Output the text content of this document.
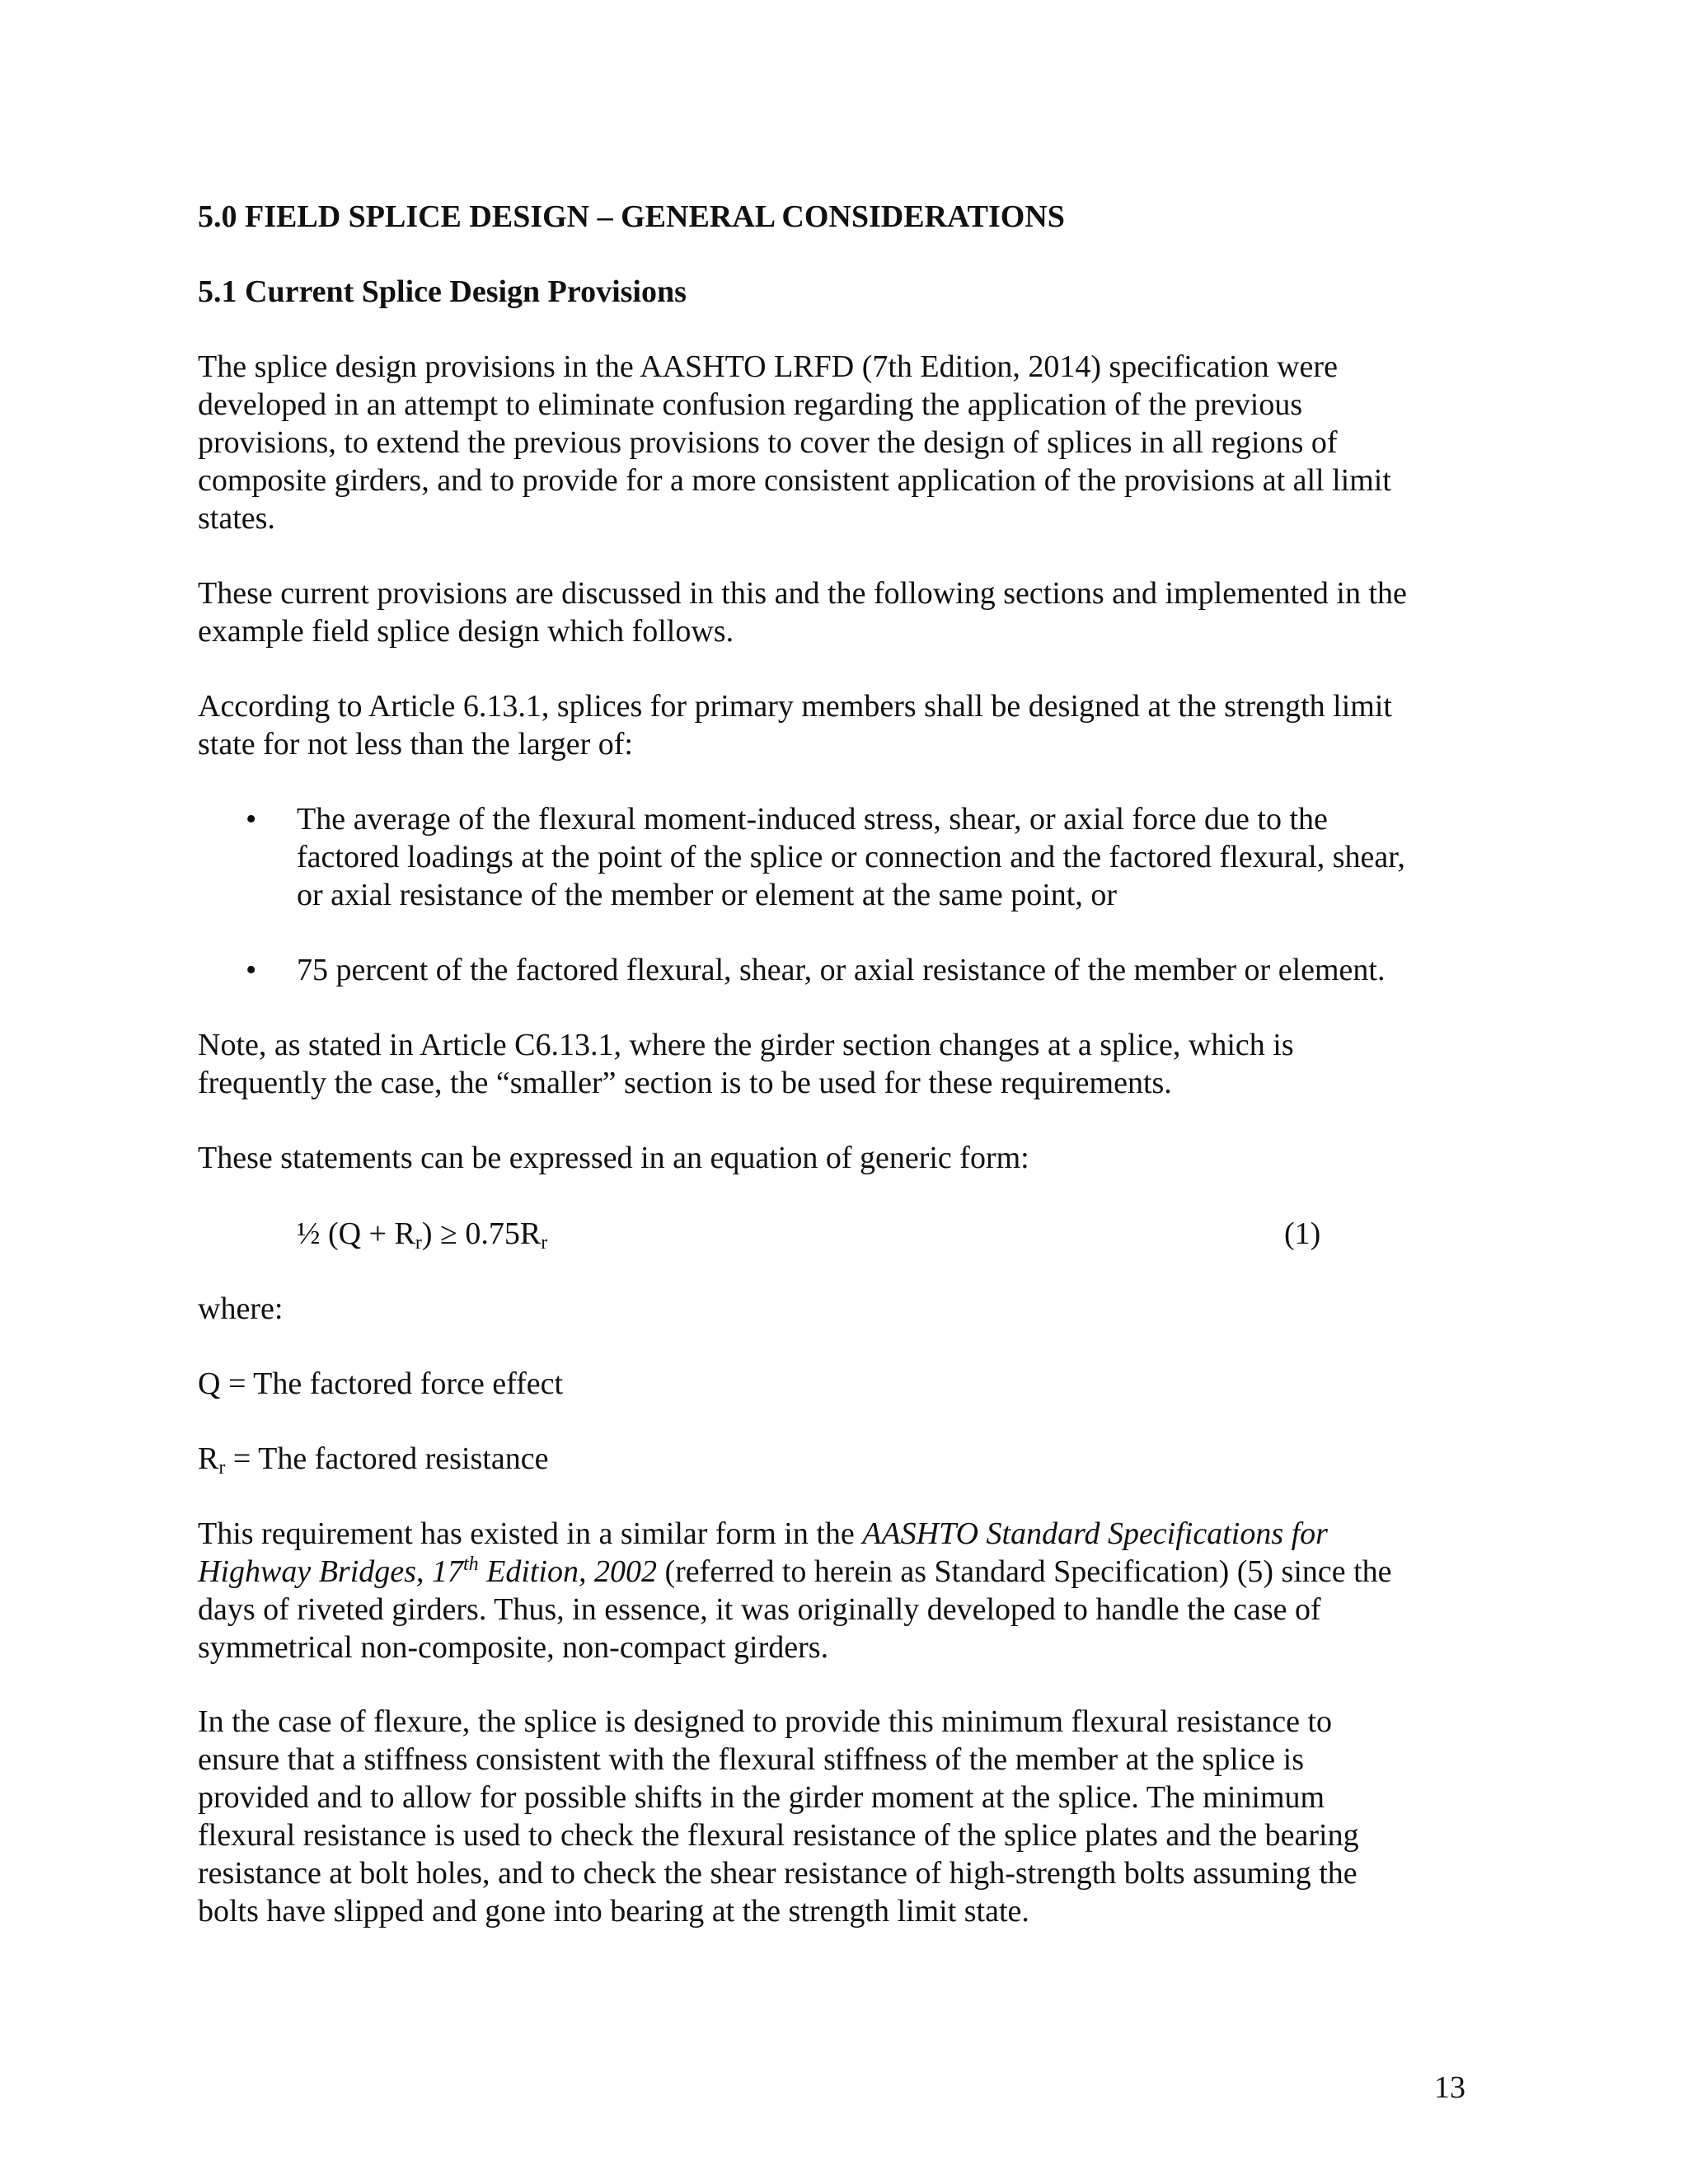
5.0 FIELD SPLICE DESIGN – GENERAL CONSIDERATIONS
5.1 Current Splice Design Provisions
The splice design provisions in the AASHTO LRFD (7th Edition, 2014) specification were
developed in an attempt to eliminate confusion regarding the application of the previous
provisions, to extend the previous provisions to cover the design of splices in all regions of
composite girders, and to provide for a more consistent application of the provisions at all limit
states.
These current provisions are discussed in this and the following sections and implemented in the
example field splice design which follows.
According to Article 6.13.1, splices for primary members shall be designed at the strength limit
state for not less than the larger of:
• The average of the flexural moment-induced stress, shear, or axial force due to the
factored loadings at the point of the splice or connection and the factored flexural, shear,
or axial resistance of the member or element at the same point, or
• 75 percent of the factored flexural, shear, or axial resistance of the member or element.
Note, as stated in Article C6.13.1, where the girder section changes at a splice, which is
frequently the case, the “smaller” section is to be used for these requirements.
These statements can be expressed in an equation of generic form:
½ $(Q + R_r) \ge 0.75R_r$	(1)
where:
Q = The factored force effect
$R_r$ = The factored resistance
This requirement has existed in a similar form in the AASHTO Standard Specifications for
Highway Bridges, 17th Edition, 2002 (referred to herein as Standard Specification) (5) since the
days of riveted girders. Thus, in essence, it was originally developed to handle the case of
symmetrical non-composite, non-compact girders.
In the case of flexure, the splice is designed to provide this minimum flexural resistance to
ensure that a stiffness consistent with the flexural stiffness of the member at the splice is
provided and to allow for possible shifts in the girder moment at the splice. The minimum
flexural resistance is used to check the flexural resistance of the splice plates and the bearing
resistance at bolt holes, and to check the shear resistance of high-strength bolts assuming the
bolts have slipped and gone into bearing at the strength limit state.
13
